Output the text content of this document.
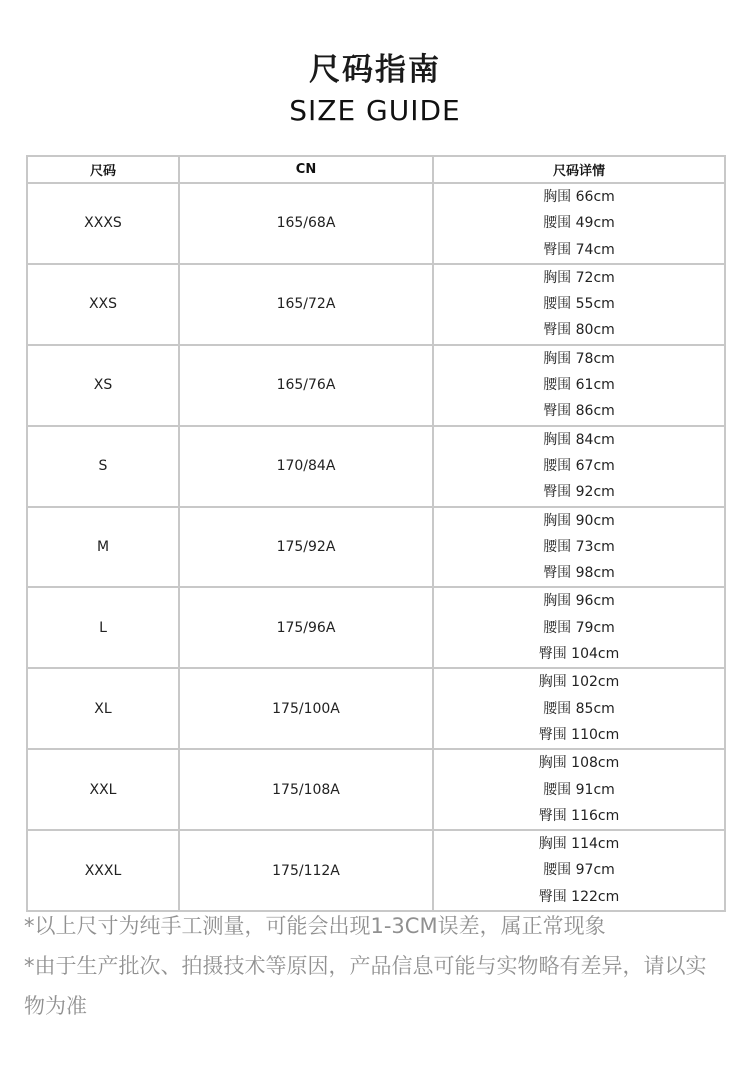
尺码指南
SIZE GUIDE
尺码	CN	尺码详情
XXXS	165/68A	胸围 66cm
腰围 49cm
臀围 74cm

XXS	165/72A	胸围 72cm
腰围 55cm
臀围 80cm

XS	165/76A	胸围 78cm
腰围 61cm
臀围 86cm

S	170/84A	胸围 84cm
腰围 67cm
臀围 92cm

M	175/92A	胸围 90cm
腰围 73cm
臀围 98cm

L	175/96A	胸围 96cm
腰围 79cm
臀围 104cm

XL	175/100A	胸围 102cm
腰围 85cm
臀围 110cm

XXL	175/108A	胸围 108cm
腰围 91cm
臀围 116cm

XXXL	175/112A	胸围 114cm
腰围 97cm
臀围 122cm
*以上尺寸为纯手工测量，可能会出现1-3CM误差，属正常现象
*由于生产批次、拍摄技术等原因，产品信息可能与实物略有差异，请以实物为准
